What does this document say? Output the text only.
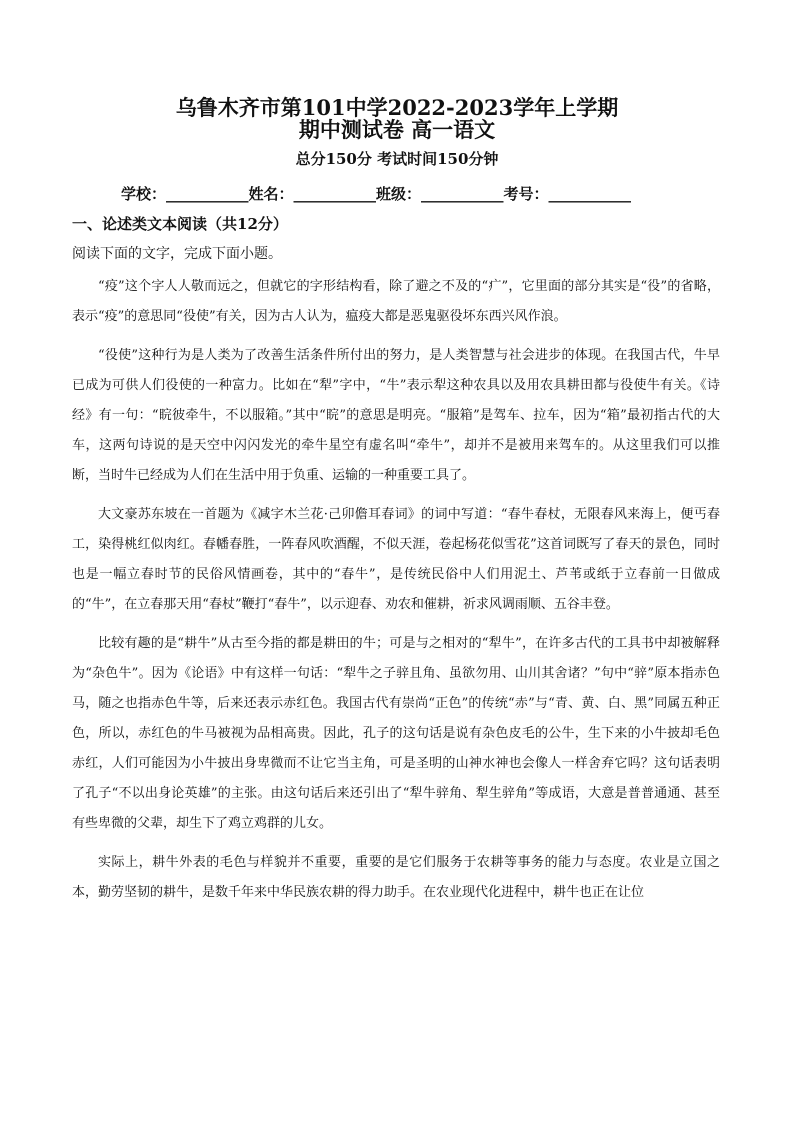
乌鲁木齐市第101中学2022-2023学年上学期
期中测试卷 高一语文
总分150分 考试时间150分钟
学校：___________姓名：___________班级：___________考号：___________
一、论述类文本阅读（共12分）
阅读下面的文字，完成下面小题。

“疫”这个字人人敬而远之，但就它的字形结构看，除了避之不及的“疒”，它里面的部分其实是“役”的省略，表示“疫”的意思同“役使”有关，因为古人认为，瘟疫大都是恶鬼驱役坏东西兴风作浪。

“役使”这种行为是人类为了改善生活条件所付出的努力，是人类智慧与社会进步的体现。在我国古代，牛早已成为可供人们役使的一种富力。比如在“犁”字中，“牛”表示犁这种农具以及用农具耕田都与役使牛有关。《诗经》有一句：“睆彼牵牛，不以服箱。”其中“睆”的意思是明亮。“服箱”是驾车、拉车，因为“箱”最初指古代的大车，这两句诗说的是天空中闪闪发光的牵牛星空有虚名叫“牵牛”，却并不是被用来驾车的。从这里我们可以推断，当时牛已经成为人们在生活中用于负重、运输的一种重要工具了。

大文豪苏东坡在一首题为《减字木兰花·己卯儋耳春词》的词中写道：“春牛春杖，无限春风来海上，便丐春工，染得桃红似肉红。春幡春胜，一阵春风吹酒醒，不似天涯，卷起杨花似雪花”这首词既写了春天的景色，同时也是一幅立春时节的民俗风情画卷，其中的“春牛”，是传统民俗中人们用泥土、芦苇或纸于立春前一日做成的“牛”，在立春那天用“春杖”鞭打“春牛”，以示迎春、劝农和催耕，祈求风调雨顺、五谷丰登。

比较有趣的是“耕牛”从古至今指的都是耕田的牛；可是与之相对的“犁牛”，在许多古代的工具书中却被解释为“杂色牛”。因为《论语》中有这样一句话：“犁牛之子骍且角、虽欲勿用、山川其舍诸？”句中“骍”原本指赤色马，随之也指赤色牛等，后来还表示赤红色。我国古代有崇尚“正色”的传统“赤”与“青、黄、白、黑”同属五种正色，所以，赤红色的牛马被视为品相高贵。因此，孔子的这句话是说有杂色皮毛的公牛，生下来的小牛披却毛色赤红，人们可能因为小牛披出身卑微而不让它当主角，可是圣明的山神水神也会像人一样舍弃它吗？这句话表明了孔子“不以出身论英雄”的主张。由这句话后来还引出了“犁牛骍角、犁生骍角”等成语，大意是普普通通、甚至有些卑微的父辈，却生下了鸡立鸡群的儿女。

实际上，耕牛外表的毛色与样貌并不重要，重要的是它们服务于农耕等事务的能力与态度。农业是立国之本，勤劳坚韧的耕牛，是数千年来中华民族农耕的得力助手。在农业现代化进程中，耕牛也正在让位
